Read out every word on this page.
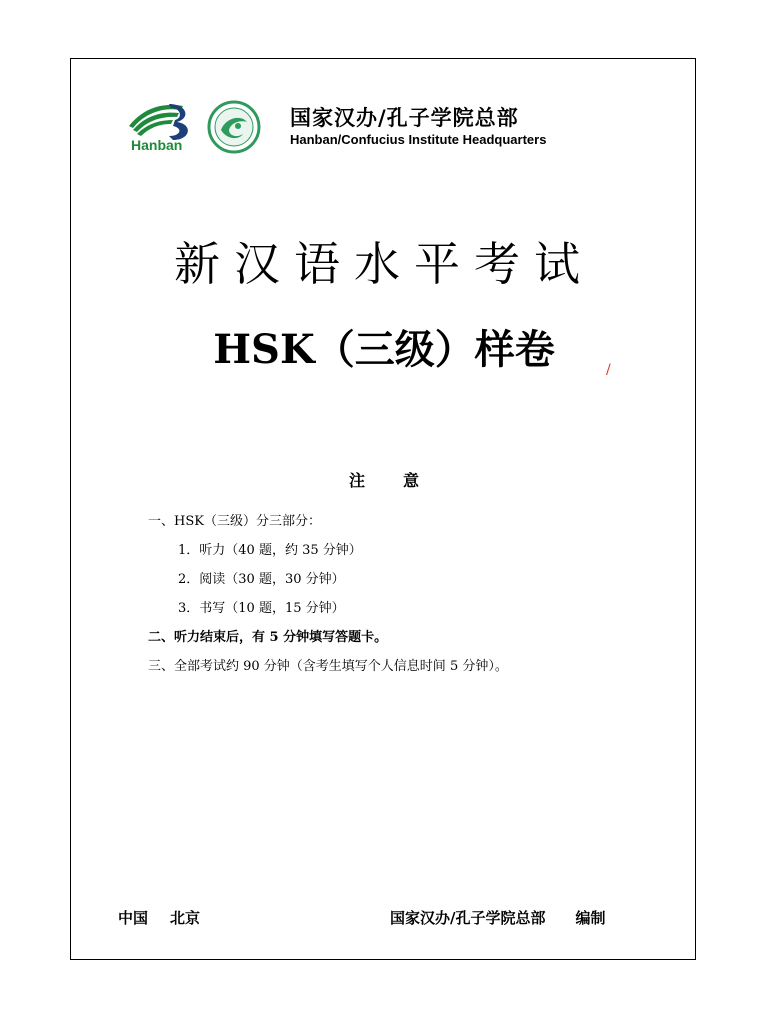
Hanban
国家汉办/孔子学院总部
Hanban/Confucius Institute Headquarters
新汉语水平考试
HSK（三级）样卷	/
注 意
一、HSK（三级）分三部分：
1．听力（40 题，约 35 分钟）
2．阅读（30 题，30 分钟）
3．书写（10 题，15 分钟）
二、听力结束后，有 5 分钟填写答题卡。
三、全部考试约 90 分钟（含考生填写个人信息时间 5 分钟）。
中国 北京	国家汉办/孔子学院总部 编制
